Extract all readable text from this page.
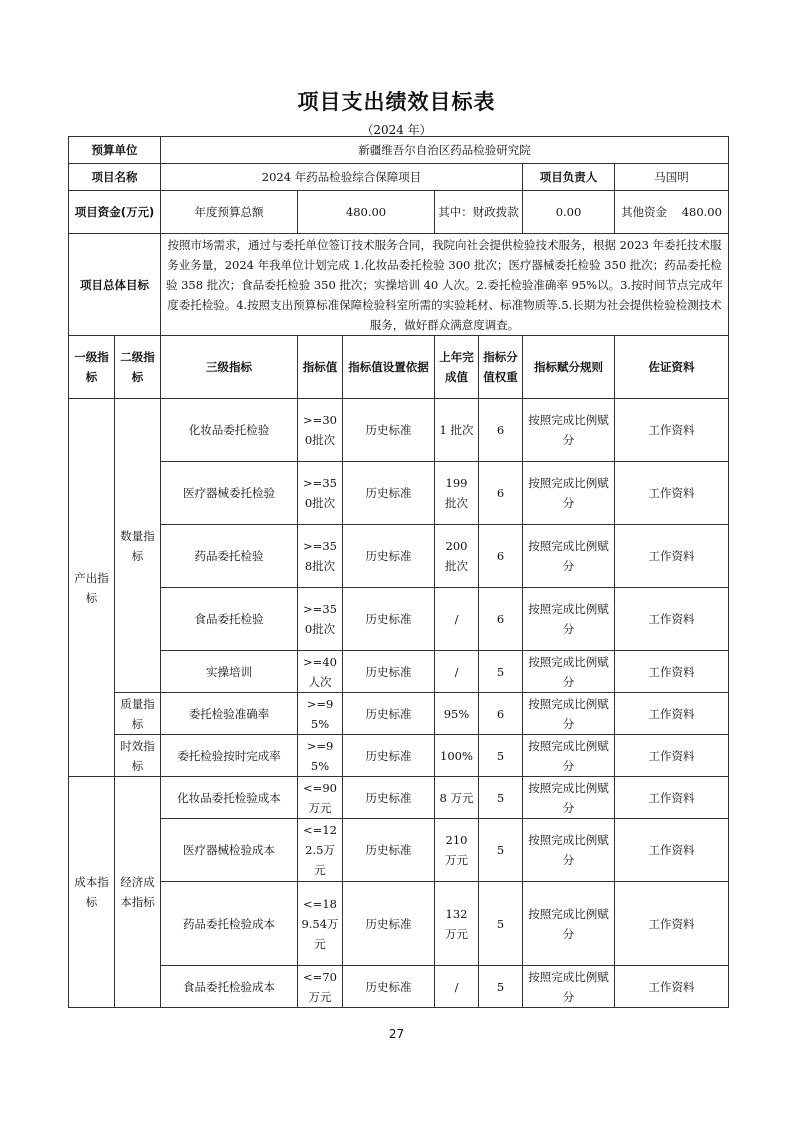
项目支出绩效目标表
（2024 年）
预算单位		新疆维吾尔自治区药品检验研究院						
项目名称		2024 年药品检验综合保障项目					项目负责人	马国明
项目资金(万元)		年度预算总额	480.00		其中：财政拨款		0.00	其他资金 480.00
项目总体目标		按照市场需求，通过与委托单位签订技术服务合同，我院向社会提供检验技术服务，根据 2023 年委托技术服务业务量，2024 年我单位计划完成 1.化妆品委托检验 300 批次；医疗器械委托检验 350 批次；药品委托检验 358 批次；食品委托检验 350 批次；实操培训 40 人次。2.委托检验准确率 95%以。3.按时间节点完成年度委托检验。4.按照支出预算标准保障检验科室所需的实验耗材、标准物质等.5.长期为社会提供检验检测技术服务，做好群众满意度调查。						
一级指标	二级指标	三级指标	指标值	指标值设置依据	上年完成值	指标分值权重	指标赋分规则	佐证资料
产出指标	数量指标	化妆品委托检验	>=300批次	历史标准	1 批次	6	按照完成比例赋分	工作资料
		医疗器械委托检验	>=350批次	历史标准	199 批次	6	按照完成比例赋分	工作资料
		药品委托检验	>=358批次	历史标准	200 批次	6	按照完成比例赋分	工作资料
		食品委托检验	>=350批次	历史标准	/	6	按照完成比例赋分	工作资料
		实操培训	>=40人次	历史标准	/	5	按照完成比例赋分	工作资料
	质量指标	委托检验准确率	>=95%	历史标准	95%	6	按照完成比例赋分	工作资料
	时效指标	委托检验按时完成率	>=95%	历史标准	100%	5	按照完成比例赋分	工作资料
成本指标	经济成本指标	化妆品委托检验成本	<=90万元	历史标准	8 万元	5	按照完成比例赋分	工作资料
		医疗器械检验成本	<=122.5万元	历史标准	210 万元	5	按照完成比例赋分	工作资料
		药品委托检验成本	<=189.54万元	历史标准	132 万元	5	按照完成比例赋分	工作资料
		食品委托检验成本	<=70万元	历史标准	/	5	按照完成比例赋分	工作资料
27
